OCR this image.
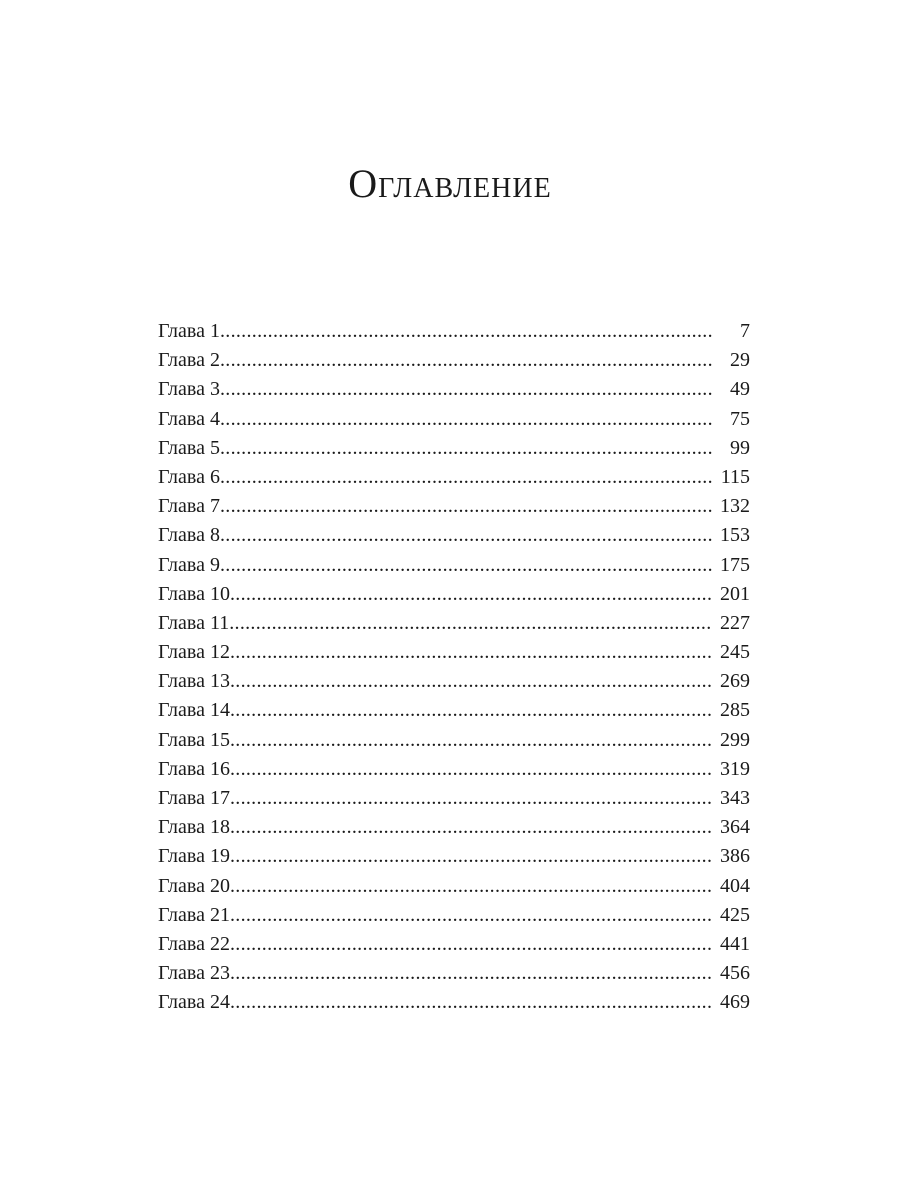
Оглавление
Глава 1 .....	7
Глава 2 .....	29
Глава 3 .....	49
Глава 4 .....	75
Глава 5 .....	99
Глава 6 .....	115
Глава 7 .....	132
Глава 8 .....	153
Глава 9 .....	175
Глава 10 .....	201
Глава 11 .....	227
Глава 12 .....	245
Глава 13 .....	269
Глава 14 .....	285
Глава 15 .....	299
Глава 16 .....	319
Глава 17 .....	343
Глава 18 .....	364
Глава 19 .....	386
Глава 20 .....	404
Глава 21 .....	425
Глава 22 .....	441
Глава 23 .....	456
Глава 24 .....	469
